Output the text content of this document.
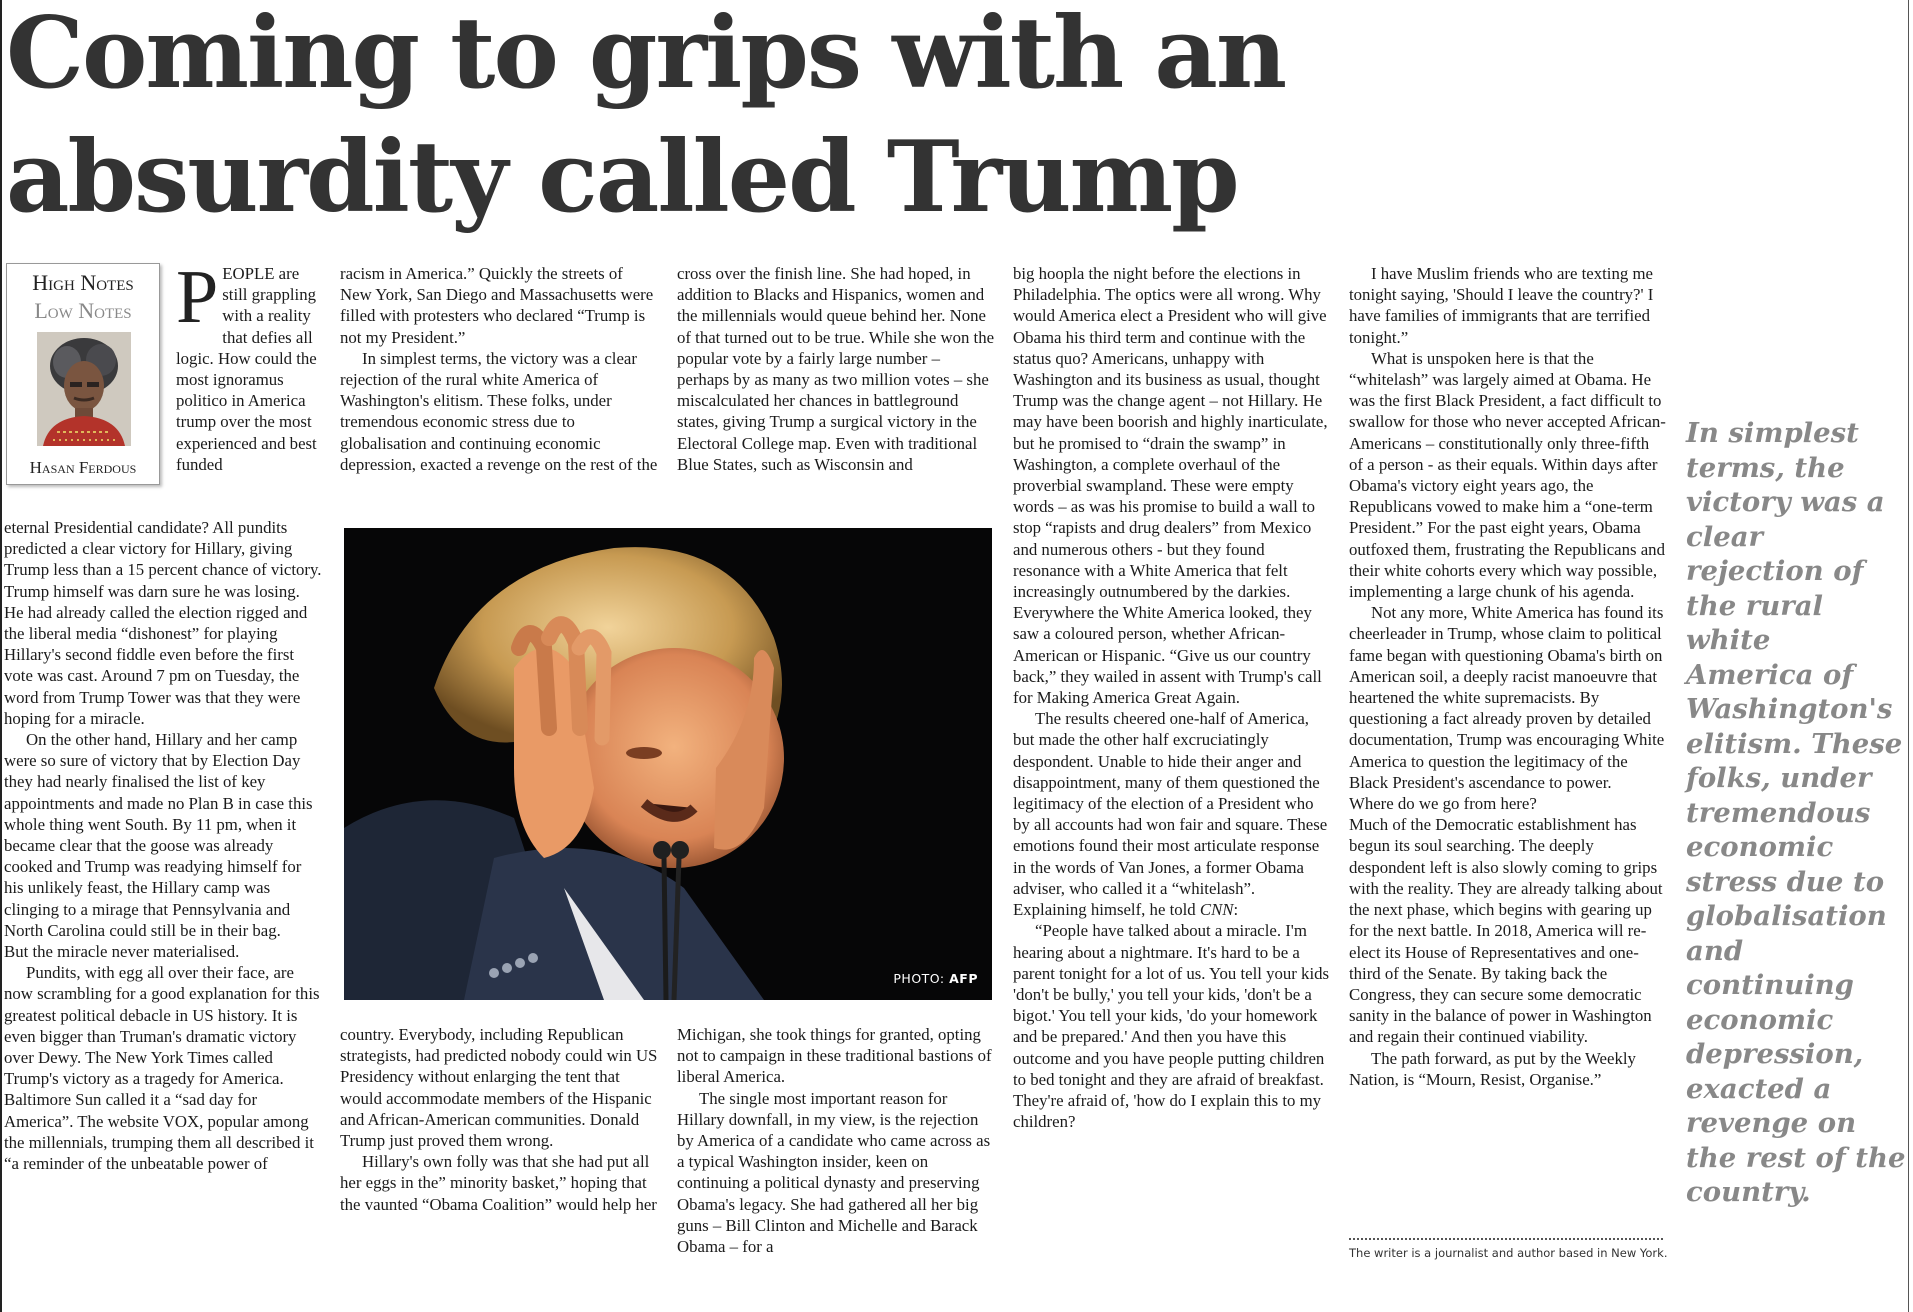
Coming to grips with an
absurdity called Trump
High Notes
Low Notes
Hasan Ferdous

PEOPLE are still grappling with a reality that defies all logic. How could the most ignoramus politico in America trump over the most experienced and best funded

eternal Presidential candidate? All pundits predicted a clear victory for Hillary, giving Trump less than a 15 percent chance of victory. Trump himself was darn sure he was losing. He had already called the election rigged and the liberal media “dishonest” for playing Hillary's second fiddle even before the first vote was cast. Around 7 pm on Tuesday, the word from Trump Tower was that they were hoping for a miracle.

On the other hand, Hillary and her camp were so sure of victory that by Election Day they had nearly finalised the list of key appointments and made no Plan B in case this whole thing went South. By 11 pm, when it became clear that the goose was already cooked and Trump was readying himself for his unlikely feast, the Hillary camp was clinging to a mirage that Pennsylvania and North Carolina could still be in their bag.

But the miracle never materialised.

Pundits, with egg all over their face, are now scrambling for a good explanation for this greatest political debacle in US history. It is even bigger than Truman's dramatic victory over Dewy. The New York Times called Trump's victory as a tragedy for America. Baltimore Sun called it a “sad day for America”. The website VOX, popular among the millennials, trumping them all described it “a reminder of the unbeatable power of

racism in America.” Quickly the streets of New York, San Diego and Massachusetts were filled with protesters who declared “Trump is not my President.”

In simplest terms, the victory was a clear rejection of the rural white America of Washington's elitism. These folks, under tremendous economic stress due to globalisation and continuing economic depression, exacted a revenge on the rest of the

country. Everybody, including Republican strategists, had predicted nobody could win US Presidency without enlarging the tent that would accommodate members of the Hispanic and African-American communities. Donald Trump just proved them wrong.

Hillary's own folly was that she had put all her eggs in the” minority basket,” hoping that the vaunted “Obama Coalition” would help her

cross over the finish line. She had hoped, in addition to Blacks and Hispanics, women and the millennials would queue behind her. None of that turned out to be true. While she won the popular vote by a fairly large number – perhaps by as many as two million votes – she miscalculated her chances in battleground states, giving Trump a surgical victory in the Electoral College map. Even with traditional Blue States, such as Wisconsin and

Michigan, she took things for granted, opting not to campaign in these traditional bastions of liberal America.

The single most important reason for Hillary downfall, in my view, is the rejection by America of a candidate who came across as a typical Washington insider, keen on continuing a political dynasty and preserving Obama's legacy. She had gathered all her big guns – Bill Clinton and Michelle and Barack Obama – for a

PHOTO: AFP

big hoopla the night before the elections in Philadelphia. The optics were all wrong. Why would America elect a President who will give Obama his third term and continue with the status quo? Americans, unhappy with Washington and its business as usual, thought Trump was the change agent – not Hillary. He may have been boorish and highly inarticulate, but he promised to “drain the swamp” in Washington, a complete overhaul of the proverbial swampland. These were empty words – as was his promise to build a wall to stop “rapists and drug dealers” from Mexico and numerous others - but they found resonance with a White America that felt increasingly outnumbered by the darkies. Everywhere the White America looked, they saw a coloured person, whether African-American or Hispanic. “Give us our country back,” they wailed in assent with Trump's call for Making America Great Again.

The results cheered one-half of America, but made the other half excruciatingly despondent. Unable to hide their anger and disappointment, many of them questioned the legitimacy of the election of a President who by all accounts had won fair and square. These emotions found their most articulate response in the words of Van Jones, a former Obama adviser, who called it a “whitelash”. Explaining himself, he told CNN:

“People have talked about a miracle. I'm hearing about a nightmare. It's hard to be a parent tonight for a lot of us. You tell your kids 'don't be bully,' you tell your kids, 'don't be a bigot.' You tell your kids, 'do your homework and be prepared.' And then you have this outcome and you have people putting children to bed tonight and they are afraid of breakfast. They're afraid of, 'how do I explain this to my children?

I have Muslim friends who are texting me tonight saying, 'Should I leave the country?' I have families of immigrants that are terrified tonight.”

What is unspoken here is that the “whitelash” was largely aimed at Obama. He was the first Black President, a fact difficult to swallow for those who never accepted African-Americans – constitutionally only three-fifth of a person - as their equals. Within days after Obama's victory eight years ago, the Republicans vowed to make him a “one-term President.” For the past eight years, Obama outfoxed them, frustrating the Republicans and their white cohorts every which way possible, implementing a large chunk of his agenda.

Not any more, White America has found its cheerleader in Trump, whose claim to political fame began with questioning Obama's birth on American soil, a deeply racist manoeuvre that heartened the white supremacists. By questioning a fact already proven by detailed documentation, Trump was encouraging White America to question the legitimacy of the Black President's ascendance to power.

Where do we go from here?

Much of the Democratic establishment has begun its soul searching. The deeply despondent left is also slowly coming to grips with the reality. They are already talking about the next phase, which begins with gearing up for the next battle. In 2018, America will re-elect its House of Representatives and one-third of the Senate. By taking back the Congress, they can secure some democratic sanity in the balance of power in Washington and regain their continued viability.

The path forward, as put by the Weekly Nation, is “Mourn, Resist, Organise.”

The writer is a journalist and author based in New York.
In simplest terms, the victory was a clear rejection of the rural white America of Washington's elitism. These folks, under tremendous economic stress due to globalisation and continuing economic depression, exacted a revenge on the rest of the country.
